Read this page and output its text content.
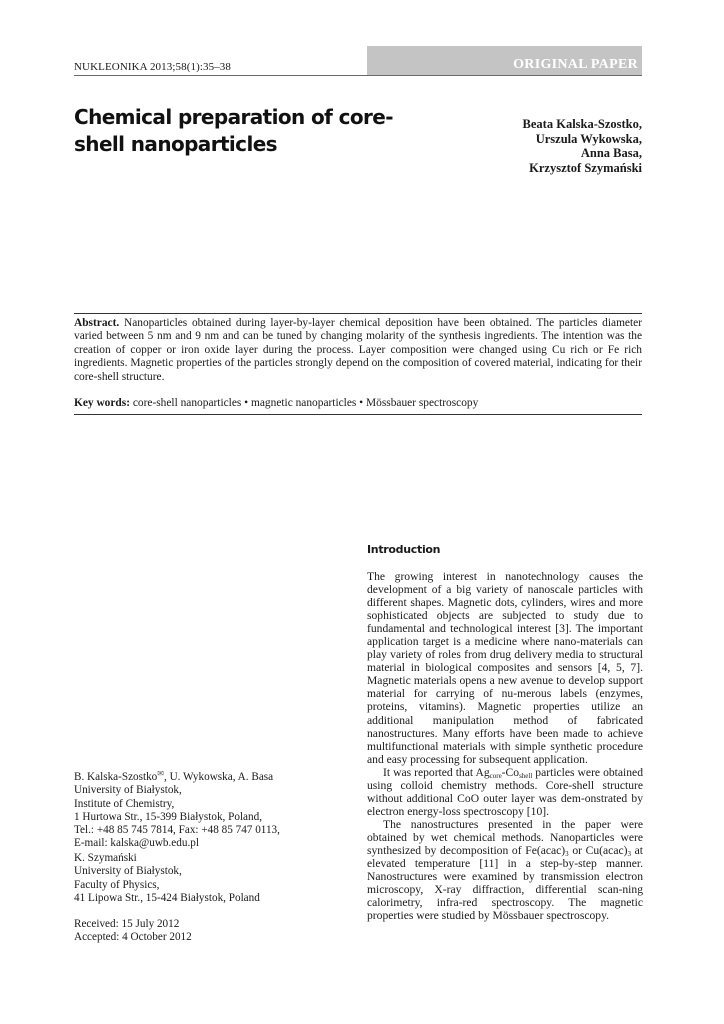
NUKLEONIKA 2013;58(1):35–38	ORIGINAL PAPER
Chemical preparation of core-shell nanoparticles
Beata Kalska-Szostko,
Urszula Wykowska,
Anna Basa,
Krzysztof Szymański
Abstract. Nanoparticles obtained during layer-by-layer chemical deposition have been obtained. The particles diameter varied between 5 nm and 9 nm and can be tuned by changing molarity of the synthesis ingredients. The intention was the creation of copper or iron oxide layer during the process. Layer composition were changed using Cu rich or Fe rich ingredients. Magnetic properties of the particles strongly depend on the composition of covered material, indicating for their core-shell structure.
Key words: core-shell nanoparticles • magnetic nanoparticles • Mössbauer spectroscopy
Introduction

The growing interest in nanotechnology causes the development of a big variety of nanoscale particles with different shapes. Magnetic dots, cylinders, wires and more sophisticated objects are subjected to study due to fundamental and technological interest [3]. The important application target is a medicine where nano-materials can play variety of roles from drug delivery media to structural material in biological composites and sensors [4, 5, 7]. Magnetic materials opens a new avenue to develop support material for carrying of nu-merous labels (enzymes, proteins, vitamins). Magnetic properties utilize an additional manipulation method of fabricated nanostructures. Many efforts have been made to achieve multifunctional materials with simple synthetic procedure and easy processing for subsequent application.

It was reported that $Ag_{core}-Co_{shell}$ particles were obtained using colloid chemistry methods. Core-shell structure without additional CoO outer layer was dem-onstrated by electron energy-loss spectroscopy [10].

The nanostructures presented in the paper were obtained by wet chemical methods. Nanoparticles were synthesized by decomposition of $Fe(acac)_3$ or $Cu(acac)_3$ at elevated temperature [11] in a step-by-step manner. Nanostructures were examined by transmission electron microscopy, X-ray diffraction, differential scan-ning calorimetry, infra-red spectroscopy. The magnetic properties were studied by Mössbauer spectroscopy.

B. Kalska-Szostko✉, U. Wykowska, A. Basa
University of Białystok,
Institute of Chemistry,
1 Hurtowa Str., 15-399 Białystok, Poland,
Tel.: +48 85 745 7814, Fax: +48 85 747 0113,
E-mail: kalska@uwb.edu.pl
K. Szymański
University of Białystok,
Faculty of Physics,
41 Lipowa Str., 15-424 Białystok, Poland
Received: 15 July 2012
Accepted: 4 October 2012
